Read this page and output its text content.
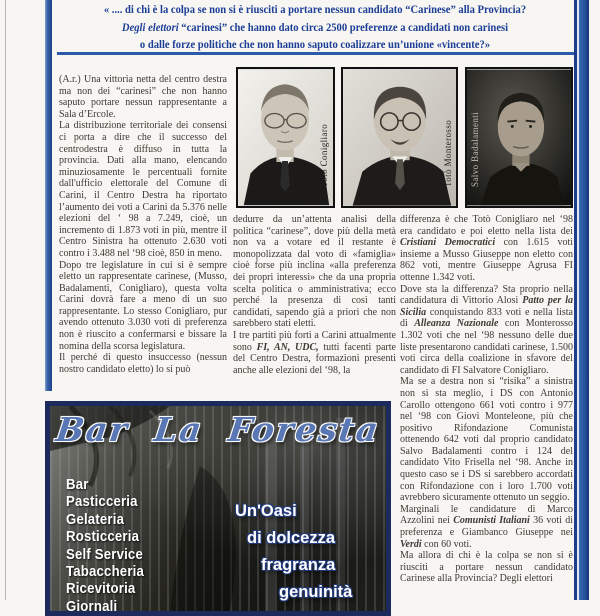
« .... di chi è la colpa se non si è riusciti a portare nessun candidato “Carinese” alla Provincia?
Degli elettori “carinesi” che hanno dato circa 2500 preferenze a candidati non carinesi
o dalle forze politiche che non hanno saputo coalizzare un’unione «vincente?»

(A.r.) Una vittoria netta del centro destra ma non dei “carinesi” che non hanno saputo portare nessun rappresentante a Sala d’Ercole.

La distribuzione territoriale dei consensi ci porta a dire che il successo del centrodestra è diffuso in tutta la provincia. Dati alla mano, elencando minuziosamente le percentuali fornite dall'ufficio elettorale del Comune di Carini, il Centro Destra ha riportato l’aumento dei voti a Carini da 5.376 nelle elezioni del ‘ 98 a 7.249, cioè, un incremento di 1.873 voti in più, mentre il Centro Sinistra ha ottenuto 2.630 voti contro i 3.488 nel ‘98 cioè, 850 in meno.

Dopo tre legislature in cui si è sempre eletto un rappresentate carinese, (Musso, Badalamenti, Conigliaro), questa volta Carini dovrà fare a meno di un suo rappresentante. Lo stesso Conigliaro, pur avendo ottenuto 3.030 voti di preferenza non è riuscito a confermarsi e bissare la nomina della scorsa legislatura.

Il perché di questo insuccesso (nessun nostro candidato eletto) lo si può

Totò Conigliaro	Totò Monterosso Salvo Badalamenti

dedurre da un’attenta analisi della politica “carinese”, dove più della metà non va a votare ed il restante è monopolizzata dal voto di «famiglia» cioè forse più inclina «alla preferenza dei propri interessi» che da una propria scelta politica o amministrativa; ecco perché la presenza di così tanti candidati, sapendo già a priori che non sarebbero stati eletti.

I tre partiti più forti a Carini attualmente sono FI, AN, UDC, tutti facenti parte del Centro Destra, formazioni presenti anche alle elezioni del ‘98, la

differenza è che Totò Conigliaro nel ‘98 era candidato e poi eletto nella lista dei Cristiani Democratici con 1.615 voti insieme a Musso Giuseppe non eletto con 862 voti, mentre Giuseppe Agrusa FI ottenne 1.342 voti.

Dove sta la differenza? Sta proprio nella candidatura di Vittorio Alosi Patto per la Sicilia conquistando 833 voti e nella lista di Alleanza Nazionale con Monterosso 1.302 voti che nel ‘98 nessuno delle due liste presentarono candidati carinese, 1.500 voti circa della coalizione in sfavore del candidato di FI Salvatore Conigliaro.

Ma se a destra non si “risika” a sinistra non si sta meglio, i DS con Antonio Carollo ottengono 661 voti contro i 977 nel ‘98 con Giovi Monteleone, più che positivo Rifondazione Comunista ottenendo 642 voti dal proprio candidato Salvo Badalamenti contro i 124 del candidato Vito Frisella nel ‘98. Anche in questo caso se i DS si sarebbero accordati con Rifondazione con i loro 1.700 voti avrebbero sicuramente ottenuto un seggio.

Marginali le candidature di Marco Azzolini nei Comunisti Italiani 36 voti di preferenza e Giambanco Giuseppe nei Verdi con 60 voti.

Ma allora di chi è la colpa se non si è riusciti a portare nessun candidato Carinese alla Provincia? Degli elettori

Bar La Foresta
Bar
Pasticceria
Gelateria
Rosticceria
Self Service
Tabaccheria
Ricevitoria
Giornali
Un'Oasi
di dolcezza
fragranza
genuinità
